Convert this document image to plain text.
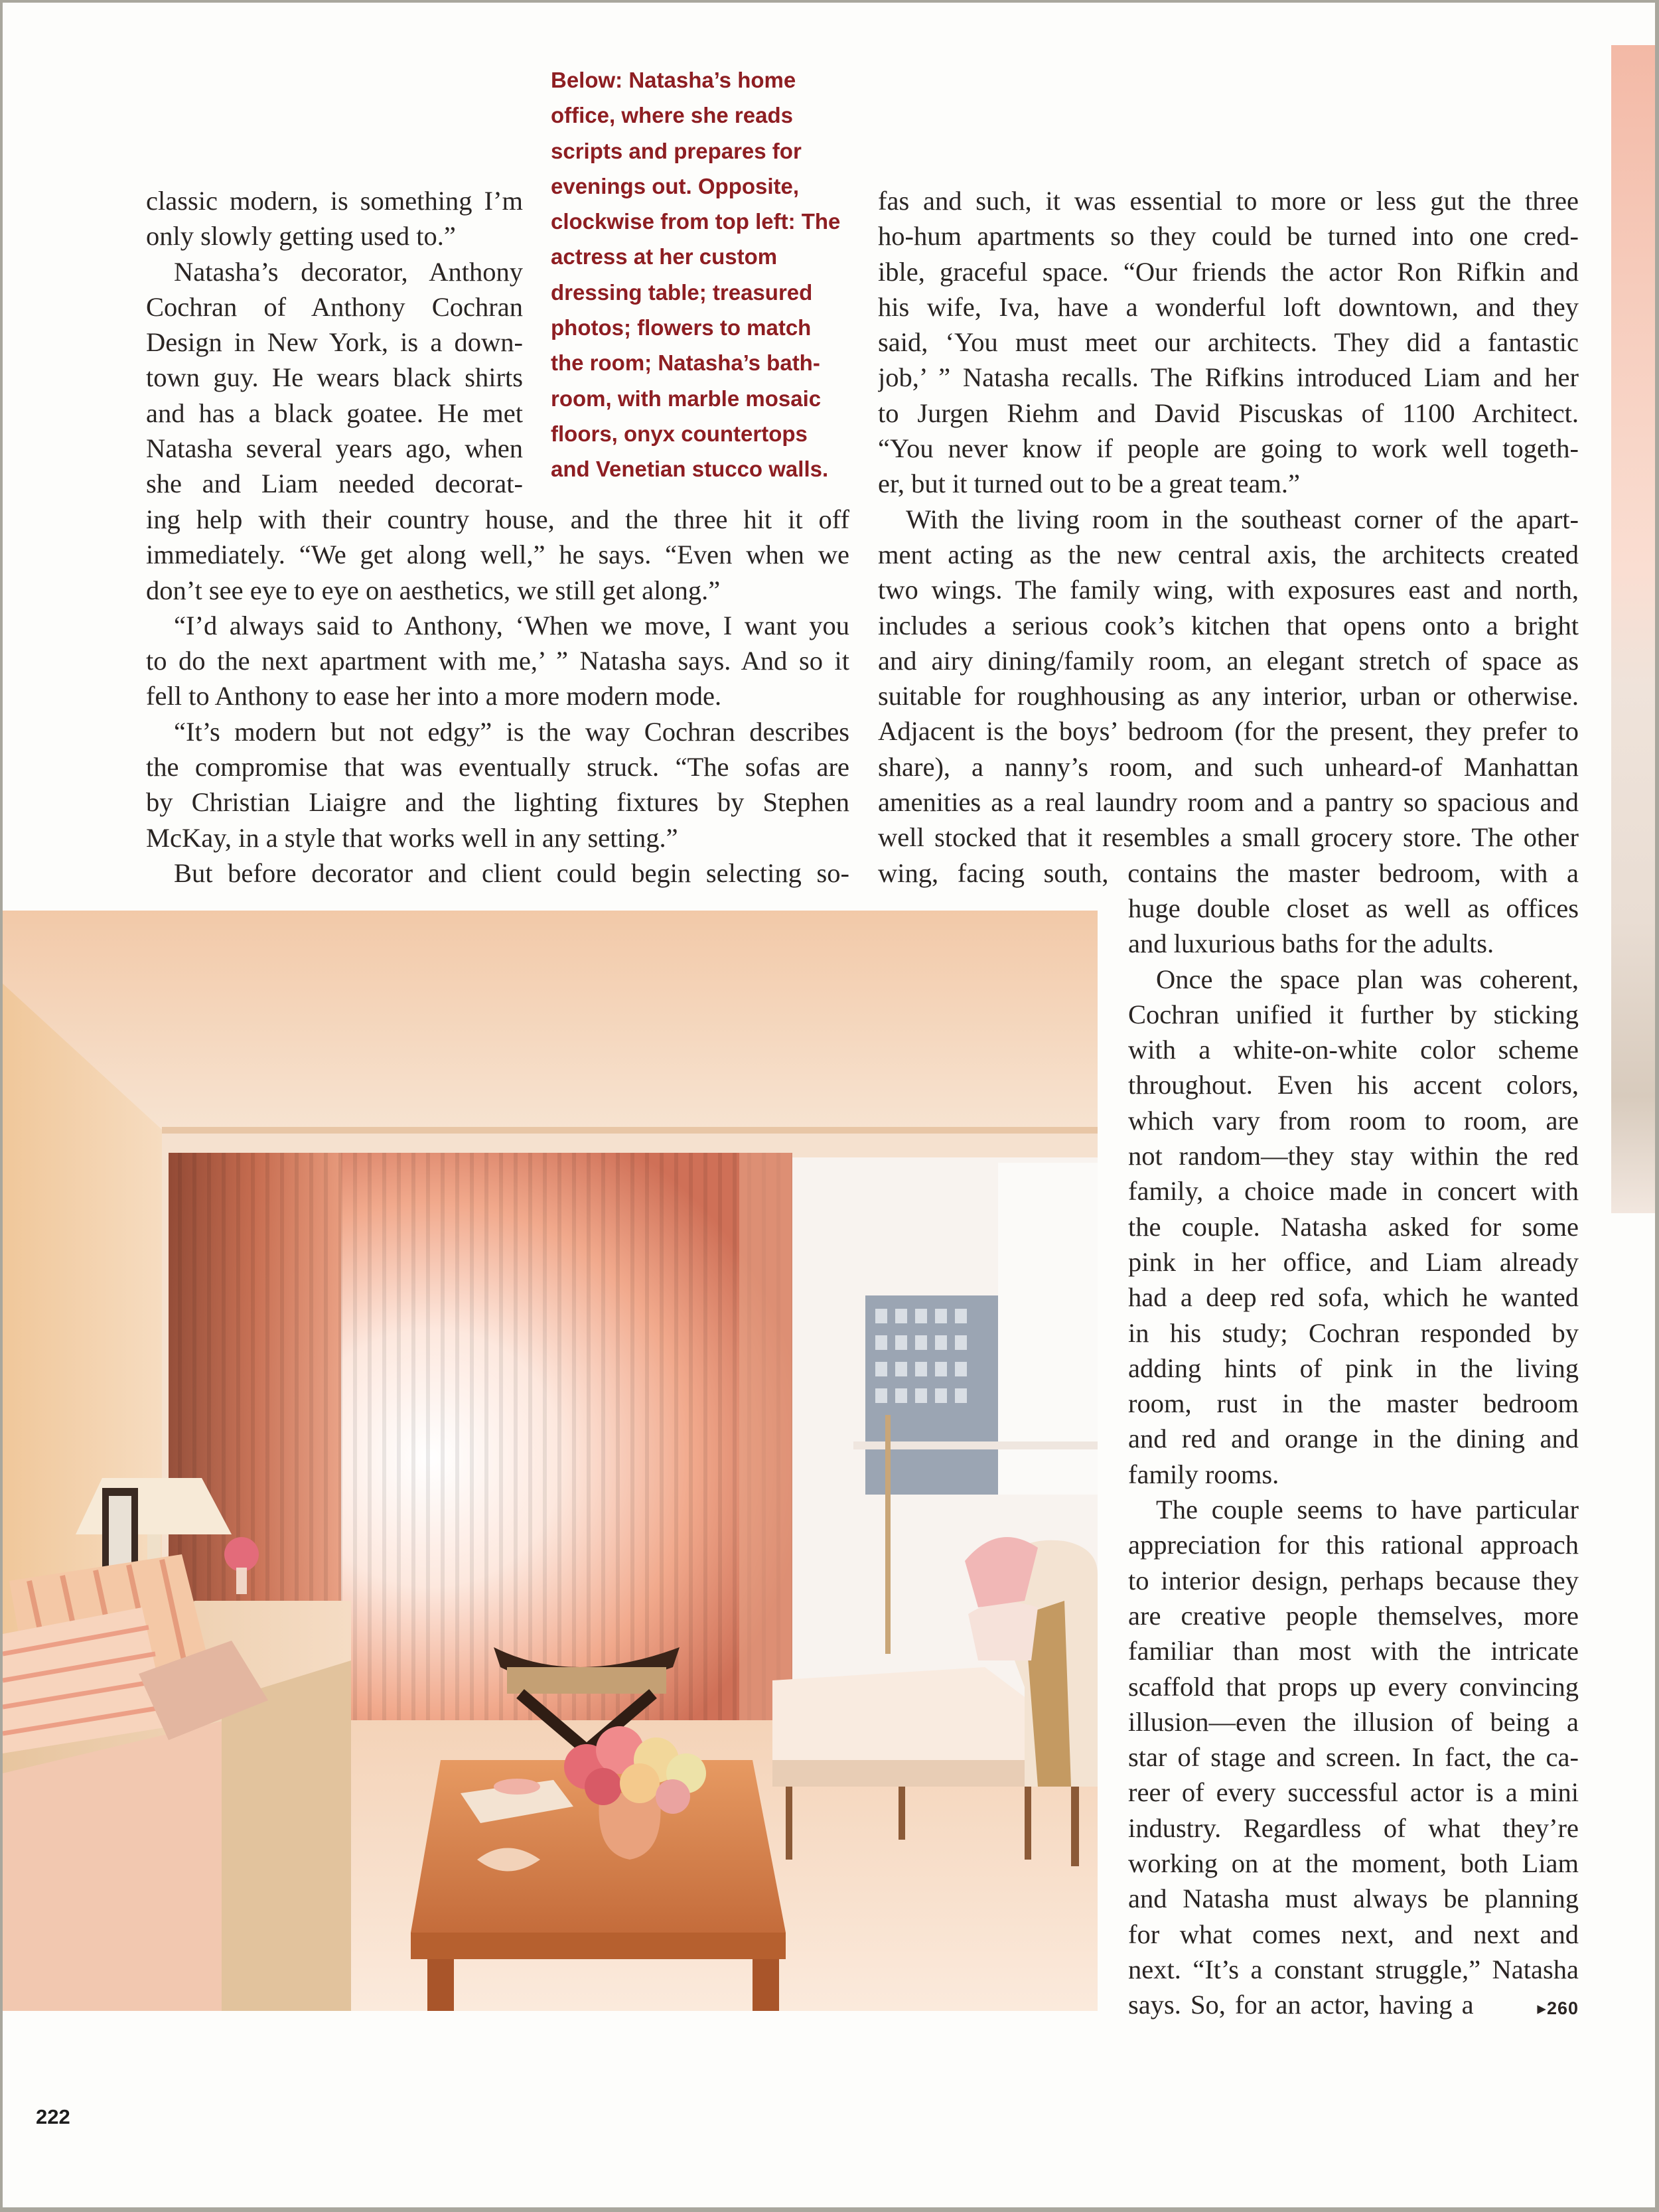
Below: Natasha’s home
office, where she reads
scripts and prepares for
evenings out. Opposite,
clockwise from top left: The
actress at her custom
dressing table; treasured
photos; flowers to match
the room; Natasha’s bath-
room, with marble mosaic
floors, onyx countertops
and Venetian stucco walls.
classic modern, is something I’m
only slowly getting used to.”
Natasha’s decorator, Anthony
Cochran of Anthony Cochran
Design in New York, is a down-
town guy. He wears black shirts
and has a black goatee. He met
Natasha several years ago, when
she and Liam needed decorat-
ing help with their country house, and the three hit it off
immediately. “We get along well,” he says. “Even when we
don’t see eye to eye on aesthetics, we still get along.”
“I’d always said to Anthony, ‘When we move, I want you
to do the next apartment with me,’ ” Natasha says. And so it
fell to Anthony to ease her into a more modern mode.
“It’s modern but not edgy” is the way Cochran describes
the compromise that was eventually struck. “The sofas are
by Christian Liaigre and the lighting fixtures by Stephen
McKay, in a style that works well in any setting.”
But before decorator and client could begin selecting so-
fas and such, it was essential to more or less gut the three
ho-hum apartments so they could be turned into one cred-
ible, graceful space. “Our friends the actor Ron Rifkin and
his wife, Iva, have a wonderful loft downtown, and they
said, ‘You must meet our architects. They did a fantastic
job,’ ” Natasha recalls. The Rifkins introduced Liam and her
to Jurgen Riehm and David Piscuskas of 1100 Architect.
“You never know if people are going to work well togeth-
er, but it turned out to be a great team.”
With the living room in the southeast corner of the apart-
ment acting as the new central axis, the architects created
two wings. The family wing, with exposures east and north,
includes a serious cook’s kitchen that opens onto a bright
and airy dining/family room, an elegant stretch of space as
suitable for roughhousing as any interior, urban or otherwise.
Adjacent is the boys’ bedroom (for the present, they prefer to
share), a nanny’s room, and such unheard-of Manhattan
amenities as a real laundry room and a pantry so spacious and
well stocked that it resembles a small grocery store. The other
wing, facing south, contains the master bedroom, with a
huge double closet as well as offices
and luxurious baths for the adults.
Once the space plan was coherent,
Cochran unified it further by sticking
with a white-on-white color scheme
throughout. Even his accent colors,
which vary from room to room, are
not random—they stay within the red
family, a choice made in concert with
the couple. Natasha asked for some
pink in her office, and Liam already
had a deep red sofa, which he wanted
in his study; Cochran responded by
adding hints of pink in the living
room, rust in the master bedroom
and red and orange in the dining and
family rooms.
The couple seems to have particular
appreciation for this rational approach
to interior design, perhaps because they
are creative people themselves, more
familiar than most with the intricate
scaffold that props up every convincing
illusion—even the illusion of being a
star of stage and screen. In fact, the ca-
reer of every successful actor is a mini
industry. Regardless of what they’re
working on at the moment, both Liam
and Natasha must always be planning
for what comes next, and next and
next. “It’s a constant struggle,” Natasha
says. So, for an actor, having a	▸260
222
